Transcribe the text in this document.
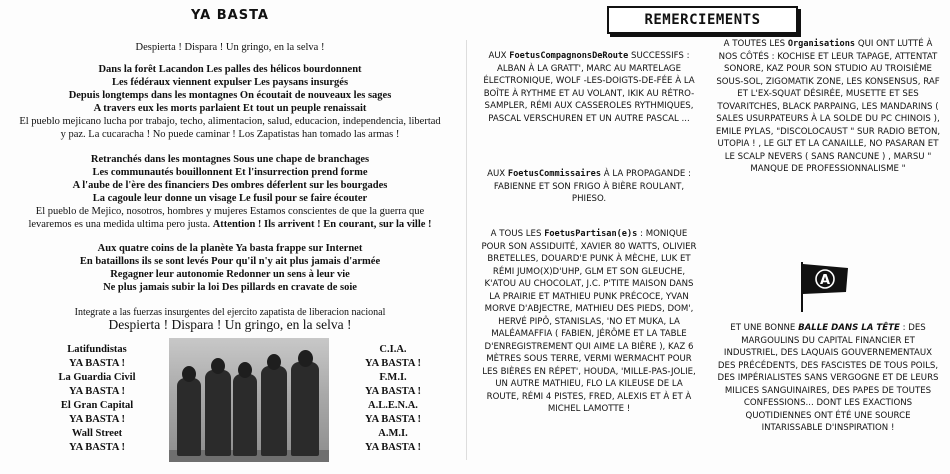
YA BASTA
Despierta ! Dispara ! Un gringo, en la selva !
Dans la forêt Lacandon Les palles des hélicos bourdonnent
Les fédéraux viennent expulser Les paysans insurgés
Depuis longtemps dans les montagnes On écoutait de nouveaux les sages
A travers eux les morts parlaient Et tout un peuple renaissait
El pueblo mejicano lucha por trabajo, techo, alimentacion, salud, educacion, independencia, libertad
y paz. La cucaracha ! No puede caminar ! Los Zapatistas han tomado las armas !
Retranchés dans les montagnes Sous une chape de branchages
Les communautés bouillonnent Et l'insurrection prend forme
A l'aube de l'ère des financiers Des ombres déferlent sur les bourgades
La cagoule leur donne un visage Le fusil pour se faire écouter
El pueblo de Mejico, nosotros, hombres y mujeres Estamos conscientes de que la guerra que
levaremos es una medida ultima pero justa. Attention ! Ils arrivent ! En courant, sur la ville !
Aux quatre coins de la planète Ya basta frappe sur Internet
En bataillons ils se sont levés Pour qu'il n'y ait plus jamais d'armée
Regagner leur autonomie Redonner un sens à leur vie
Ne plus jamais subir la loi Des pillards en cravate de soie
Integrate a las fuerzas insurgentes del ejercito zapatista de liberacion nacional
Despierta ! Dispara ! Un gringo, en la selva !
Latifundistas
YA BASTA !
La Guardia Civil
YA BASTA !
El Gran Capital
YA BASTA !
Wall Street
YA BASTA !
C.I.A.
YA BASTA !
F.M.I.
YA BASTA !
A.L.E.N.A.
YA BASTA !
A.M.I.
YA BASTA !
REMERCIEMENTS
AUX FoetusCompagnonsDeRoute SUCCESSIFS : ALBAN À LA GRATT', MARC AU MARTELAGE ÉLECTRONIQUE, WOLF -LES-DOIGTS-DE-FÉE À LA BOÎTE À RYTHME ET AU VOLANT, IKIK AU RÉTRO-SAMPLER, RÉMI AUX CASSEROLES RYTHMIQUES, PASCAL VERSCHUREN ET UN AUTRE PASCAL ...
AUX FoetusCommissaires À LA PROPAGANDE : FABIENNE ET SON FRIGO À BIÈRE ROULANT, PHIESO.
A TOUS LES FoetusPartisan(e)s : MONIQUE POUR SON ASSIDUITÉ, XAVIER 80 WATTS, OLIVIER BRETELLES, DOUARD'E PUNK À MÈCHE, LUK ET RÉMI JUMO(X)D'UHP, GLM ET SON GLEUCHE, K'ATOU AU CHOCOLAT, J.C. P'TITE MAISON DANS LA PRAIRIE ET MATHIEU PUNK PRÉCOCE, YVAN MORVE D'ABJECTRE, MATHIEU DES PIEDS, DOM', HERVÉ PIPÔ, STANISLAS, 'NO ET MUKA, LA MALÉAMAFFIA ( FABIEN, JÉRÔME ET LA TABLE D'ENREGISTREMENT QUI AIME LA BIÈRE ), KAZ 6 MÈTRES SOUS TERRE, VERMI WERMACHT POUR LES BIÈRES EN RÉPET', HOUDA, 'MILLE-PAS-JOLIE, UN AUTRE MATHIEU, FLO LA KILEUSE DE LA ROUTE, RÉMI 4 PISTES, FRED, ALEXIS ET À ET À MICHEL LAMOTTE !
A TOUTES LES Organisations QUI ONT LUTTÉ À NOS CÔTÉS : KOCHISE ET LEUR TAPAGE, ATTENTAT SONORE, KAZ POUR SON STUDIO AU TROISIÈME SOUS-SOL, ZIGOMATIK ZONE, LES KONSENSUS, RAF ET L'EX-SQUAT DÉSIRÉE, MUSETTE ET SES TOVARITCHES, BLACK PARPAING, LES MANDARINS ( SALES USURPATEURS À LA SOLDE DU PC CHINOIS ), EMILE PYLAS, "DISCOLOCAUST " SUR RADIO BETON, UTOPIA ! , LE GLT ET LA CANAILLE, NO PASARAN ET LE SCALP NEVERS ( SANS RANCUNE ) , MARSU " MANQUE DE PROFESSIONNALISME "
A
ET UNE BONNE BALLE DANS LA TÊTE : DES MARGOULINS DU CAPITAL FINANCIER ET INDUSTRIEL, DES LAQUAIS GOUVERNEMENTAUX DES PRÉCÉDENTS, DES FASCISTES DE TOUS POILS, DES IMPÉRIALISTES SANS VERGOGNE ET DE LEURS MILICES SANGUINAIRES, DES PAPES DE TOUTES CONFESSIONS... DONT LES EXACTIONS QUOTIDIENNES ONT ÉTÉ UNE SOURCE INTARISSABLE D'INSPIRATION !
